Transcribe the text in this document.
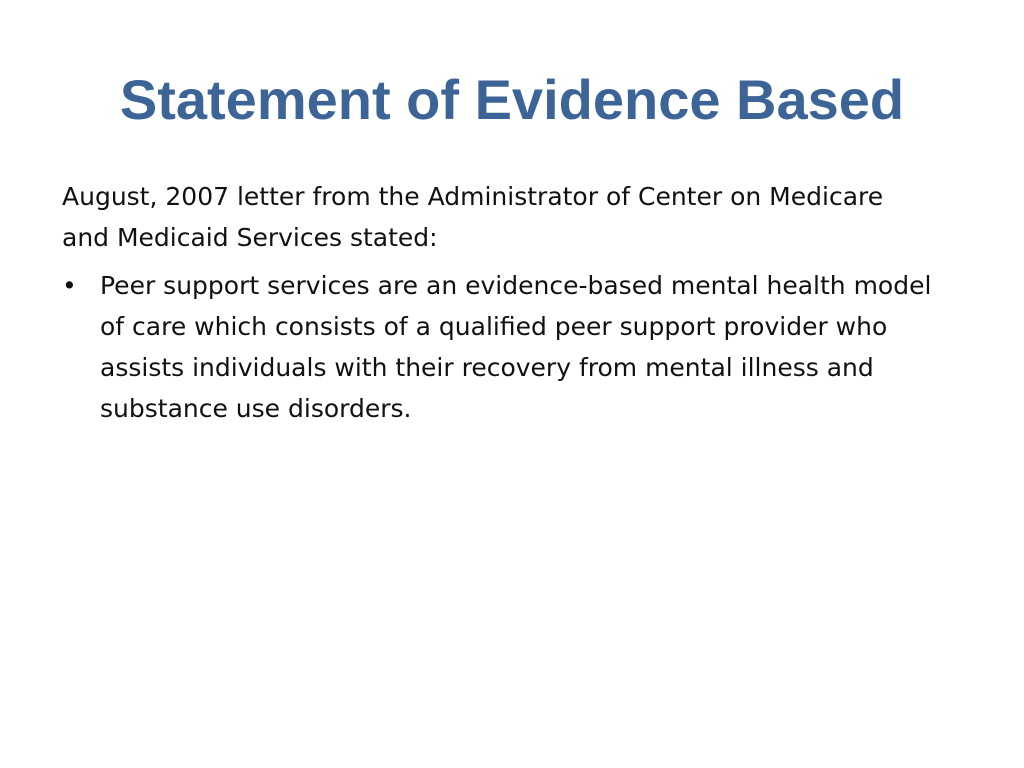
Statement of Evidence Based

August, 2007 letter from the Administrator of Center on Medicare and Medicaid Services stated:

• Peer support services are an evidence-based mental health model of care which consists of a qualified peer support provider who assists individuals with their recovery from mental illness and substance use disorders.
